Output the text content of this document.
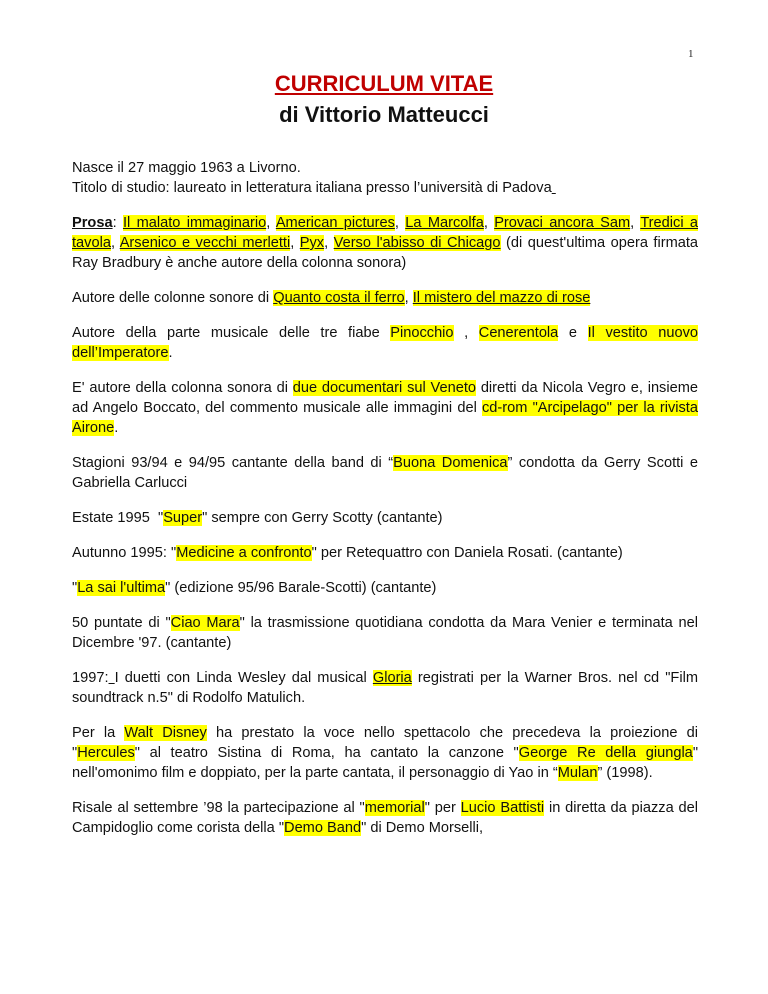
1
CURRICULUM VITAE
di Vittorio Matteucci

Nasce il 27 maggio 1963 a Livorno.
Titolo di studio: laureato in letteratura italiana presso l’università di Padova

Prosa: Il malato immaginario, American pictures, La Marcolfa, Provaci ancora Sam, Tredici a tavola, Arsenico e vecchi merletti, Pyx, Verso l'abisso di Chicago (di quest'ultima opera firmata Ray Bradbury è anche autore della colonna sonora)

Autore delle colonne sonore di Quanto costa il ferro, Il mistero del mazzo di rose

Autore della parte musicale delle tre fiabe Pinocchio , Cenerentola e Il vestito nuovo dell’Imperatore.

E' autore della colonna sonora di due documentari sul Veneto diretti da Nicola Vegro e, insieme ad Angelo Boccato, del commento musicale alle immagini del cd-rom "Arcipelago" per la rivista Airone.

Stagioni 93/94 e 94/95 cantante della band di “Buona Domenica” condotta da Gerry Scotti e Gabriella Carlucci

Estate 1995  "Super" sempre con Gerry Scotty (cantante)

Autunno 1995: "Medicine a confronto" per Retequattro con Daniela Rosati. (cantante)

"La sai l'ultima" (edizione 95/96 Barale-Scotti) (cantante)

50 puntate di "Ciao Mara" la trasmissione quotidiana condotta da Mara Venier e terminata nel Dicembre '97. (cantante)

1997: I duetti con Linda Wesley dal musical Gloria registrati per la Warner Bros. nel cd "Film soundtrack n.5" di Rodolfo Matulich.

Per la Walt Disney ha prestato la voce nello spettacolo che precedeva la proiezione di "Hercules" al teatro Sistina di Roma, ha cantato la canzone "George Re della giungla" nell'omonimo film e doppiato, per la parte cantata, il personaggio di Yao in “Mulan” (1998).

Risale al settembre ’98 la partecipazione al "memorial" per Lucio Battisti in diretta da piazza del Campidoglio come corista della "Demo Band" di Demo Morselli,
